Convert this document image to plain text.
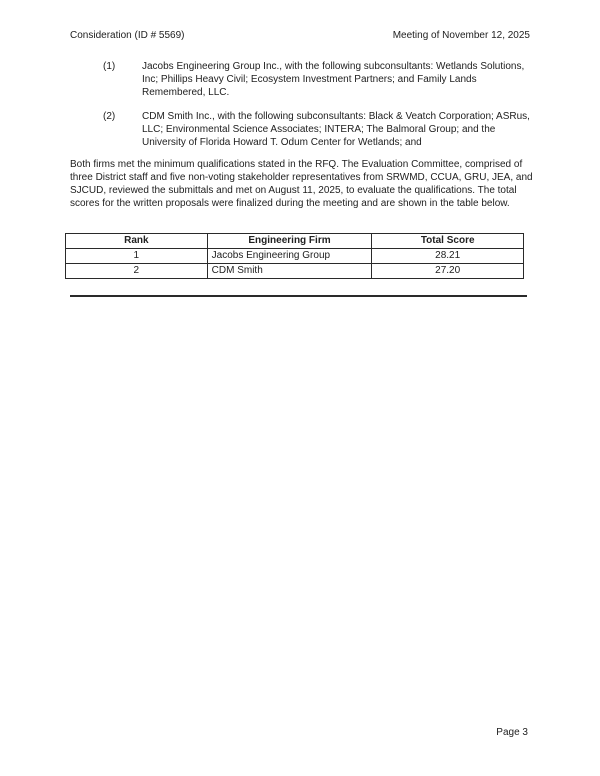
Consideration (ID # 5569)	Meeting of November 12, 2025
(1)	Jacobs Engineering Group Inc., with the following subconsultants: Wetlands Solutions, Inc; Phillips Heavy Civil; Ecosystem Investment Partners; and Family Lands Remembered, LLC.
(2)	CDM Smith Inc., with the following subconsultants: Black & Veatch Corporation; ASRus, LLC; Environmental Science Associates; INTERA; The Balmoral Group; and the University of Florida Howard T. Odum Center for Wetlands; and
Both firms met the minimum qualifications stated in the RFQ. The Evaluation Committee, comprised of three District staff and five non-voting stakeholder representatives from SRWMD, CCUA, GRU, JEA, and SJCUD, reviewed the submittals and met on August 11, 2025, to evaluate the qualifications. The total scores for the written proposals were finalized during the meeting and are shown in the table below.
Rank	Engineering Firm	Total Score
1	Jacobs Engineering Group	28.21
2	CDM Smith	27.20
Page 3
